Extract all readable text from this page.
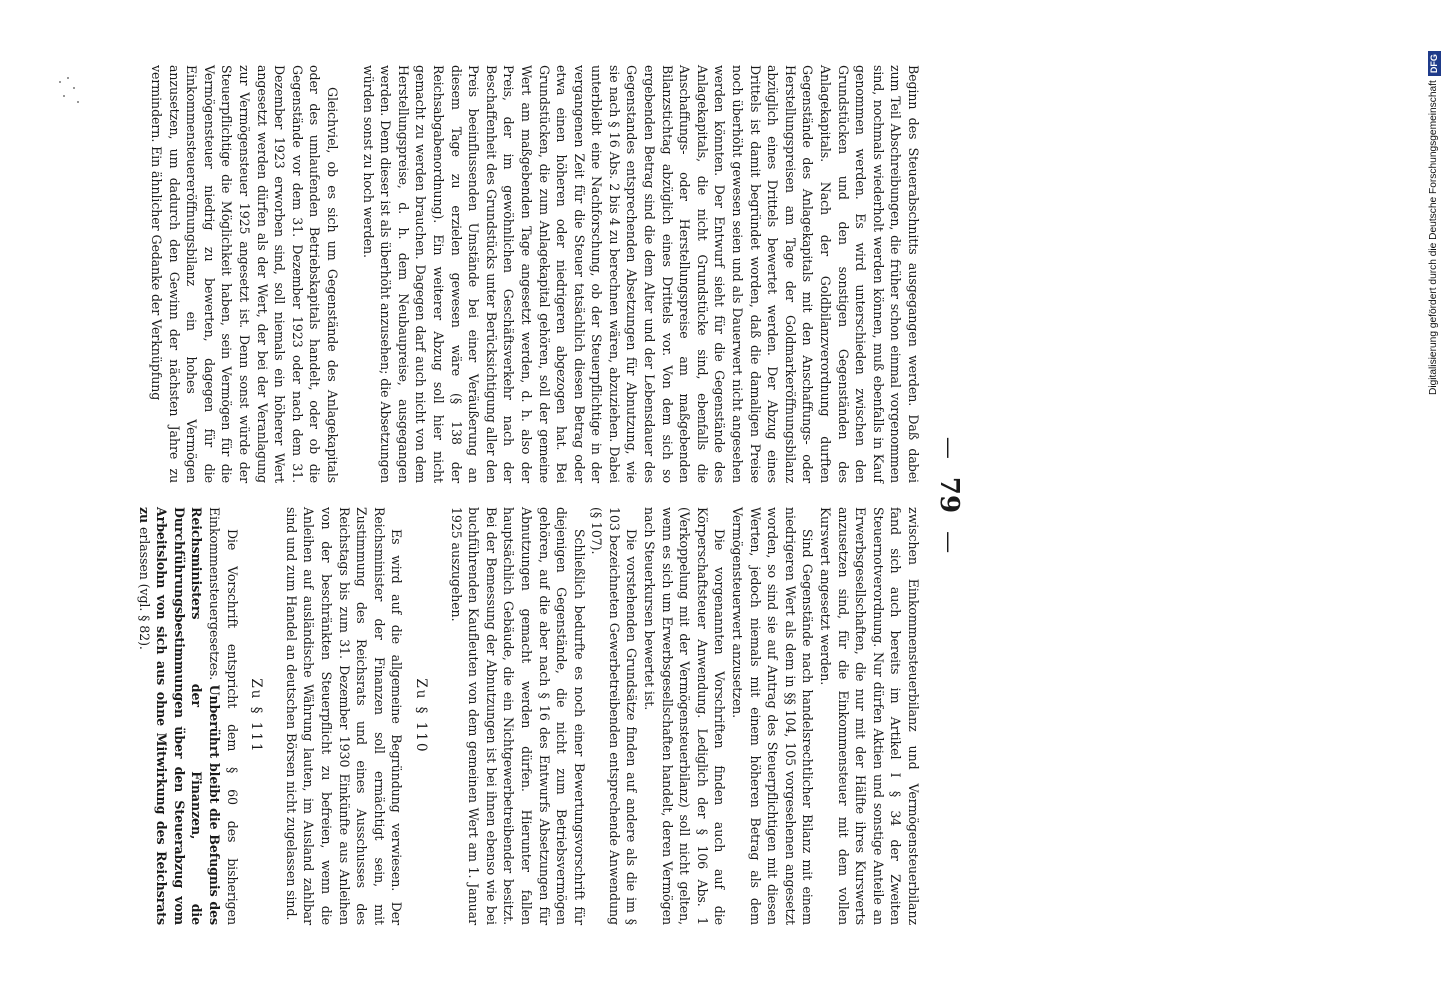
—
79
—

Beginn des Steuerabschnitts ausgegangen werden. Daß dabei zum Teil Abschreibungen, die früher schon einmal vorgenommen sind, nochmals wiederholt werden können, muß ebenfalls in Kauf genommen werden. Es wird unterschieden zwischen den Grundstücken und den sonstigen Gegenständen des Anlagekapitals. Nach der Goldbilanzverordnung durften Gegenstände des Anlagekapitals mit den Anschaffungs- oder Herstellungspreisen am Tage der Goldmarkeröffnungsbilanz abzüglich eines Drittels bewertet werden. Der Abzug eines Drittels ist damit begründet worden, daß die damaligen Preise noch überhöht gewesen seien und als Dauerwert nicht angesehen werden könnten. Der Entwurf sieht für die Gegenstände des Anlagekapitals, die nicht Grundstücke sind, ebenfalls die Anschaffungs- oder Herstellungspreise am maßgebenden Bilanzstichtag abzüglich eines Drittels vor. Von dem sich so ergebenden Betrag sind die dem Alter und der Lebensdauer des Gegenstandes entsprechenden Absetzungen für Abnutzung, wie sie nach § 16 Abs. 2 bis 4 zu berechnen wären, abzuziehen. Dabei unterbleibt eine Nachforschung, ob der Steuerpflichtige in der vergangenen Zeit für die Steuer tatsächlich diesen Betrag oder etwa einen höheren oder niedrigeren abgezogen hat. Bei Grundstücken, die zum Anlagekapital gehören, soll der gemeine Wert am maßgebenden Tage angesetzt werden, d. h. also der Preis, der im gewöhnlichen Geschäftsverkehr nach der Beschaffenheit des Grundstücks unter Berücksichtigung aller den Preis beeinflussenden Umstände bei einer Veräußerung an diesem Tage zu erzielen gewesen wäre (§ 138 der Reichsabgabenordnung). Ein weiterer Abzug soll hier nicht gemacht zu werden brauchen. Dagegen darf auch nicht von dem Herstellungspreise, d. h. dem Neubaupreise, ausgegangen werden. Denn dieser ist als überhöht anzusehen; die Absetzungen würden sonst zu hoch werden.

Gleichviel, ob es sich um Gegenstände des Anlagekapitals oder des umlaufenden Betriebskapitals handelt, oder ob die Gegenstände vor dem 31. Dezember 1923 oder nach dem 31. Dezember 1923 erworben sind, soll niemals ein höherer Wert angesetzt werden dürfen als der Wert, der bei der Veranlagung zur Vermögensteuer 1925 angesetzt ist. Denn sonst würde der Steuerpflichtige die Möglichkeit haben, sein Vermögen für die Vermögensteuer niedrig zu bewerten, dagegen für die Einkommensteuereröffnungsbilanz ein hohes Vermögen anzusetzen, um dadurch den Gewinn der nächsten Jahre zu vermindern. Ein ähnlicher Gedanke der Verknüpfung

zwischen Einkommensteuerbilanz und Vermögensteuerbilanz fand sich auch bereits im Artikel I § 34 der Zweiten Steuernotverordnung. Nur dürfen Aktien und sonstige Anteile an Erwerbsgesellschaften, die nur mit der Hälfte ihres Kurswerts anzusetzen sind, für die Einkommensteuer mit dem vollen Kurswert angesetzt werden.

Sind Gegenstände nach handelsrechtlicher Bilanz mit einem niedrigeren Wert als dem in §§ 104, 105 vorgesehenen angesetzt worden, so sind sie auf Antrag des Steuerpflichtigen mit diesen Werten, jedoch niemals mit einem höheren Betrag als dem Vermögensteuerwert anzusetzen.

Die vorgenannten Vorschriften finden auch auf die Körperschaftsteuer Anwendung. Lediglich der § 106 Abs. 1 (Verkoppelung mit der Vermögensteuerbilanz) soll nicht gelten, wenn es sich um Erwerbsgesellschaften handelt, deren Vermögen nach Steuerkursen bewertet ist.

Die vorstehenden Grundsätze finden auf andere als die im § 103 bezeichneten Gewerbetreibenden entsprechende Anwendung (§ 107).

Schließlich bedurfte es noch einer Bewertungsvorschrift für diejenigen Gegenstände, die nicht zum Betriebsvermögen gehören, auf die aber nach § 16 des Entwurfs Absetzungen für Abnutzungen gemacht werden dürfen. Hierunter fallen hauptsächlich Gebäude, die ein Nichtgewerbetreibender besitzt. Bei der Bemessung der Abnutzungen ist bei ihnen ebenso wie bei buchführenden Kaufleuten von dem gemeinen Wert am 1. Januar 1925 auszugehen.

Zu § 110

Es wird auf die allgemeine Begründung verwiesen. Der Reichsminister der Finanzen soll ermächtigt sein, mit Zustimmung des Reichsrats und eines Ausschusses des Reichstags bis zum 31. Dezember 1930 Einkünfte aus Anleihen von der beschränkten Steuerpflicht zu befreien, wenn die Anleihen auf ausländische Währung lauten, im Ausland zahlbar sind und zum Handel an deutschen Börsen nicht zugelassen sind.

Zu § 111

Die Vorschrift entspricht dem § 60 des bisherigen Einkommensteuergesetzes. Unberührt bleibt die Befugnis des Reichsministers der Finanzen, die Durchführungsbestimmungen über den Steuerabzug vom Arbeitslohn von sich aus ohne Mitwirkung des Reichsrats zu erlassen (vgl. § 82).

Digitalisierung gefördert durch die Deutsche Forschungsgemeinschaft
DFG
